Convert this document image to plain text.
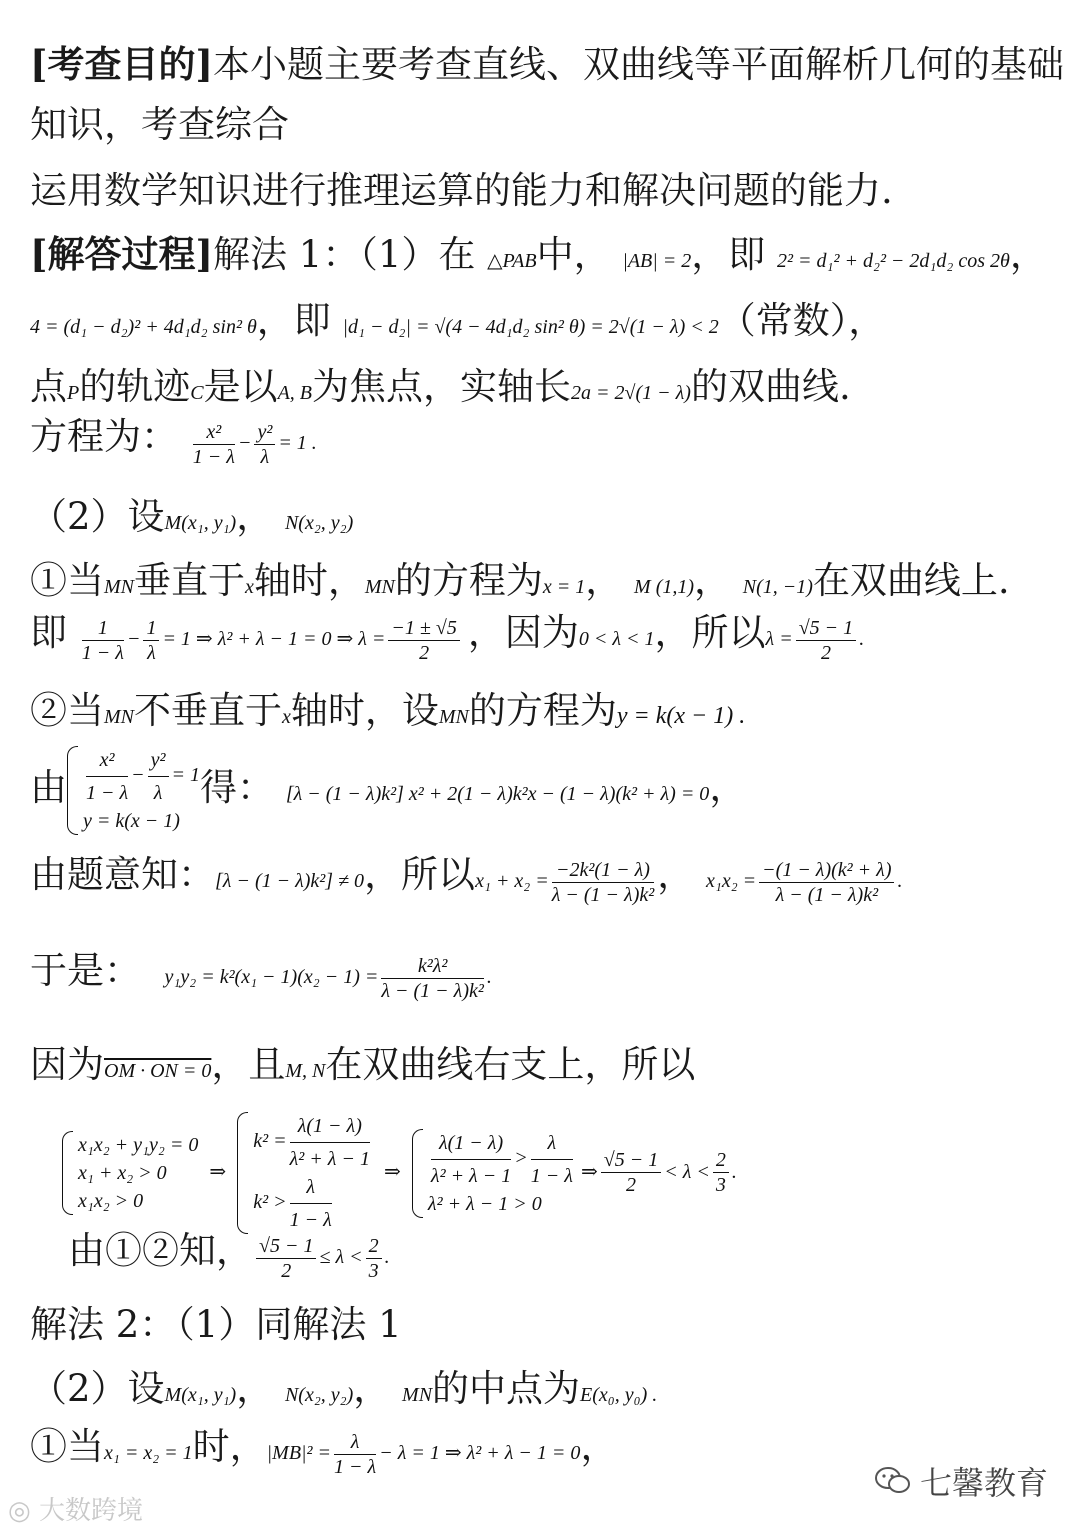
[考查目的]本小题主要考查直线、双曲线等平面解析几何的基础
知识，考查综合
运用数学知识进行推理运算的能力和解决问题的能力.
[解答过程]解法 1：（1）在 △PAB中， |AB| = 2，即 2² = d₁² + d₂² − 2d₁d₂ cos 2θ，
4 = (d₁ − d₂)² + 4d₁d₂ sin² θ，即 |d₁ − d₂| = √(4 − 4d₁d₂ sin² θ) = 2√(1 − λ) < 2（常数），
点P的轨迹C是以A, B为焦点，实轴长2a = 2√(1 − λ)的双曲线.
方程为： $\frac{\text{x²}}{1 - \lambda} - \frac{\text{y²}}{\lambda} = 1$ .
（2）设M(x₁, y₁)， N(x₂, y₂)
①当MN垂直于x轴时，MN的方程为x = 1， M (1,1)， N(1, −1)在双曲线上.
即 $\frac{1}{1 - \lambda} - \frac{1}{\lambda} = 1$ ⇒ λ² + λ − 1 = 0 ⇒ $\lambda = \frac{-1 \pm √5}{2}$ ，因为0 < λ < 1，所以$\lambda = \frac{√5 - 1}{2}$ .
②当MN不垂直于x轴时，设MN的方程为y = k(x − 1) .
由 $\frac{\text{x²}}{1 - \lambda} - \frac{\text{y²}}{\lambda} = 1$
y = k(x − 1)
得： [λ − (1 − λ)k²] x² + 2(1 − λ)k²x − (1 − λ)(k² + λ) = 0，
由题意知：[λ − (1 − λ)k²] ≠ 0，所以$x_1 + x_2 = \frac{\text{−2k²(1 − λ)}}{\text{λ − (1 − λ)k²}}$ ， $x_1x_2 = \frac{\text{−(1 − λ)(k² + λ)}}{\text{λ − (1 − λ)k²}}$ .
于是： $y_1y_2 = k^2(x_1 - 1)(x_2 - 1) = \frac{\text{k²λ²}}{\text{λ − (1 − λ)k²}}$ .
因为OM · ON = 0，且M, N在双曲线右支上，所以
x₁x₂ + y₁y₂ = 0
x₁ + x₂ > 0
x₁x₂ > 0
⇒
$k^2 = \frac{\lambda(1 - \lambda)}{\text{λ² + λ − 1}}$
$k^2 > \frac{\lambda}{1 - \lambda}$
⇒ $\frac{\lambda(1 - \lambda)}{\text{λ² + λ − 1}} > \frac{\lambda}{1 - \lambda}$
λ² + λ − 1 > 0
⇒ $\frac{√5 - 1}{2} < \lambda < \frac{2}{3}$ .
由①②知， $\frac{√5 - 1}{2} \le \lambda < \frac{2}{3}$ .
解法 2：（1）同解法 1
（2）设M(x₁, y₁)， N(x₂, y₂)， MN的中点为E(x₀, y₀) .
①当x₁ = x₂ = 1时，$|MB|^2 = \frac{\lambda}{1 - \lambda} - \lambda = 1$ ⇒ λ² + λ − 1 = 0，
◎ 大数跨境
七馨教育
